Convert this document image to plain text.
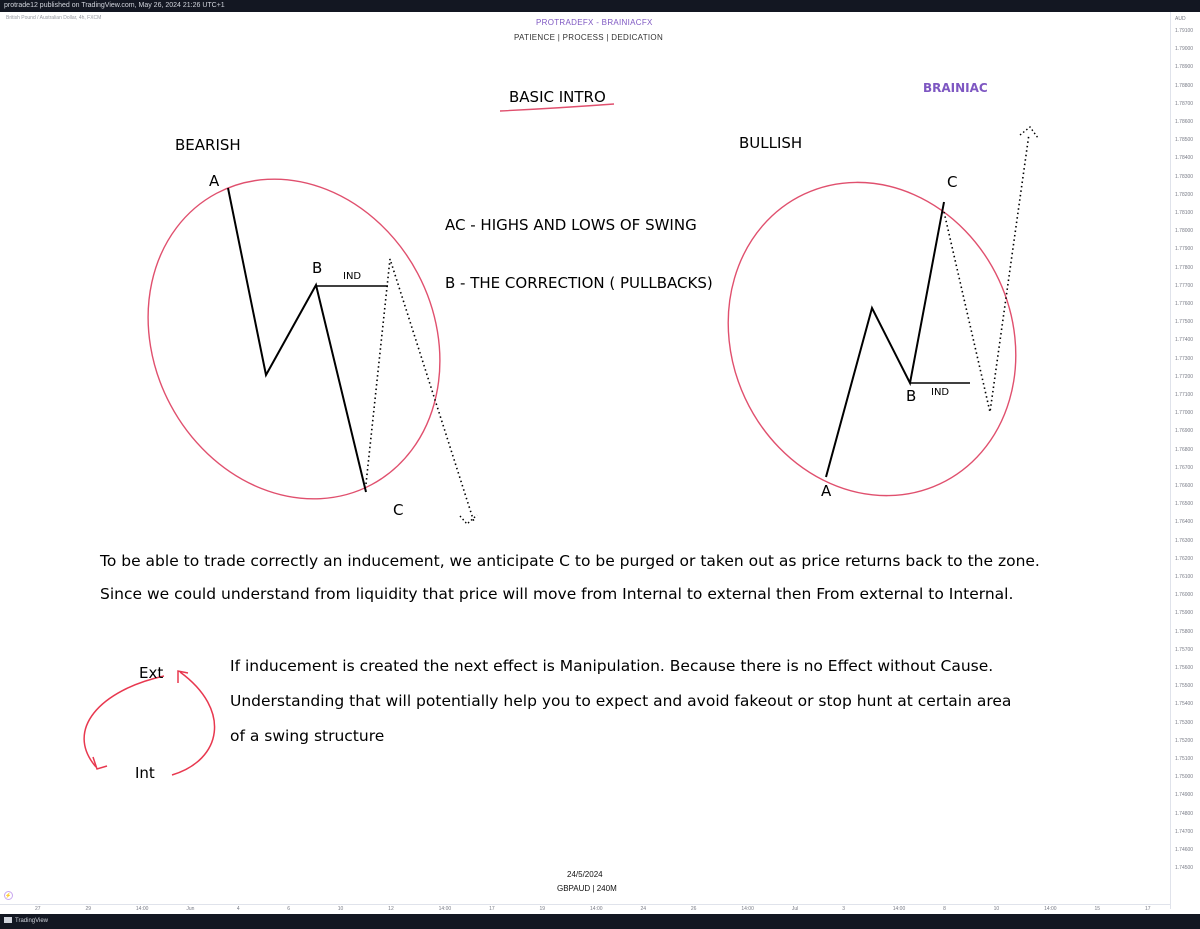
protrade12 published on TradingView.com, May 26, 2024 21:26 UTC+1
British Pound / Australian Dollar, 4h, FXCM	AUD
1.79100
1.79000
1.78900
1.78800
1.78700
1.78600
1.78500
1.78400
1.78300
1.78200
1.78100
1.78000
1.77900
1.77800
1.77700
1.77600
1.77500
1.77400
1.77300
1.77200
1.77100
1.77000
1.76900
1.76800
1.76700
1.76600
1.76500
1.76400
1.76300
1.76200
1.76100
1.76000
1.75900
1.75800
1.75700
1.75600
1.75500
1.75400
1.75300
1.75200
1.75100
1.75000
1.74900
1.74800
1.74700
1.74600
1.74500
27	29	14:00	Jun	4	6	10	12	14:00	17	19	14:00	24	26	14:00	Jul	3	14:00	8	10	14:00	15	17
TradingView
⚡
PROTRADEFX - BRAINIACFX
PATIENCE | PROCESS | DEDICATION
BASIC INTRO	BRAINIAC
BEARISH
A
B
C
IND
AC - HIGHS AND LOWS OF SWING
B - THE CORRECTION ( PULLBACKS)
BULLISH
C
B IND
A
To be able to trade correctly an inducement, we anticipate C to be purged or taken out as price returns back to the zone.
Since we could understand from liquidity that price will move from Internal to external then From external to Internal.
Ext
Int
If inducement is created the next effect is Manipulation. Because there is no Effect without Cause.
Understanding that will potentially help you to expect and avoid fakeout or stop hunt at certain area
of a swing structure
24/5/2024
GBPAUD | 240M
